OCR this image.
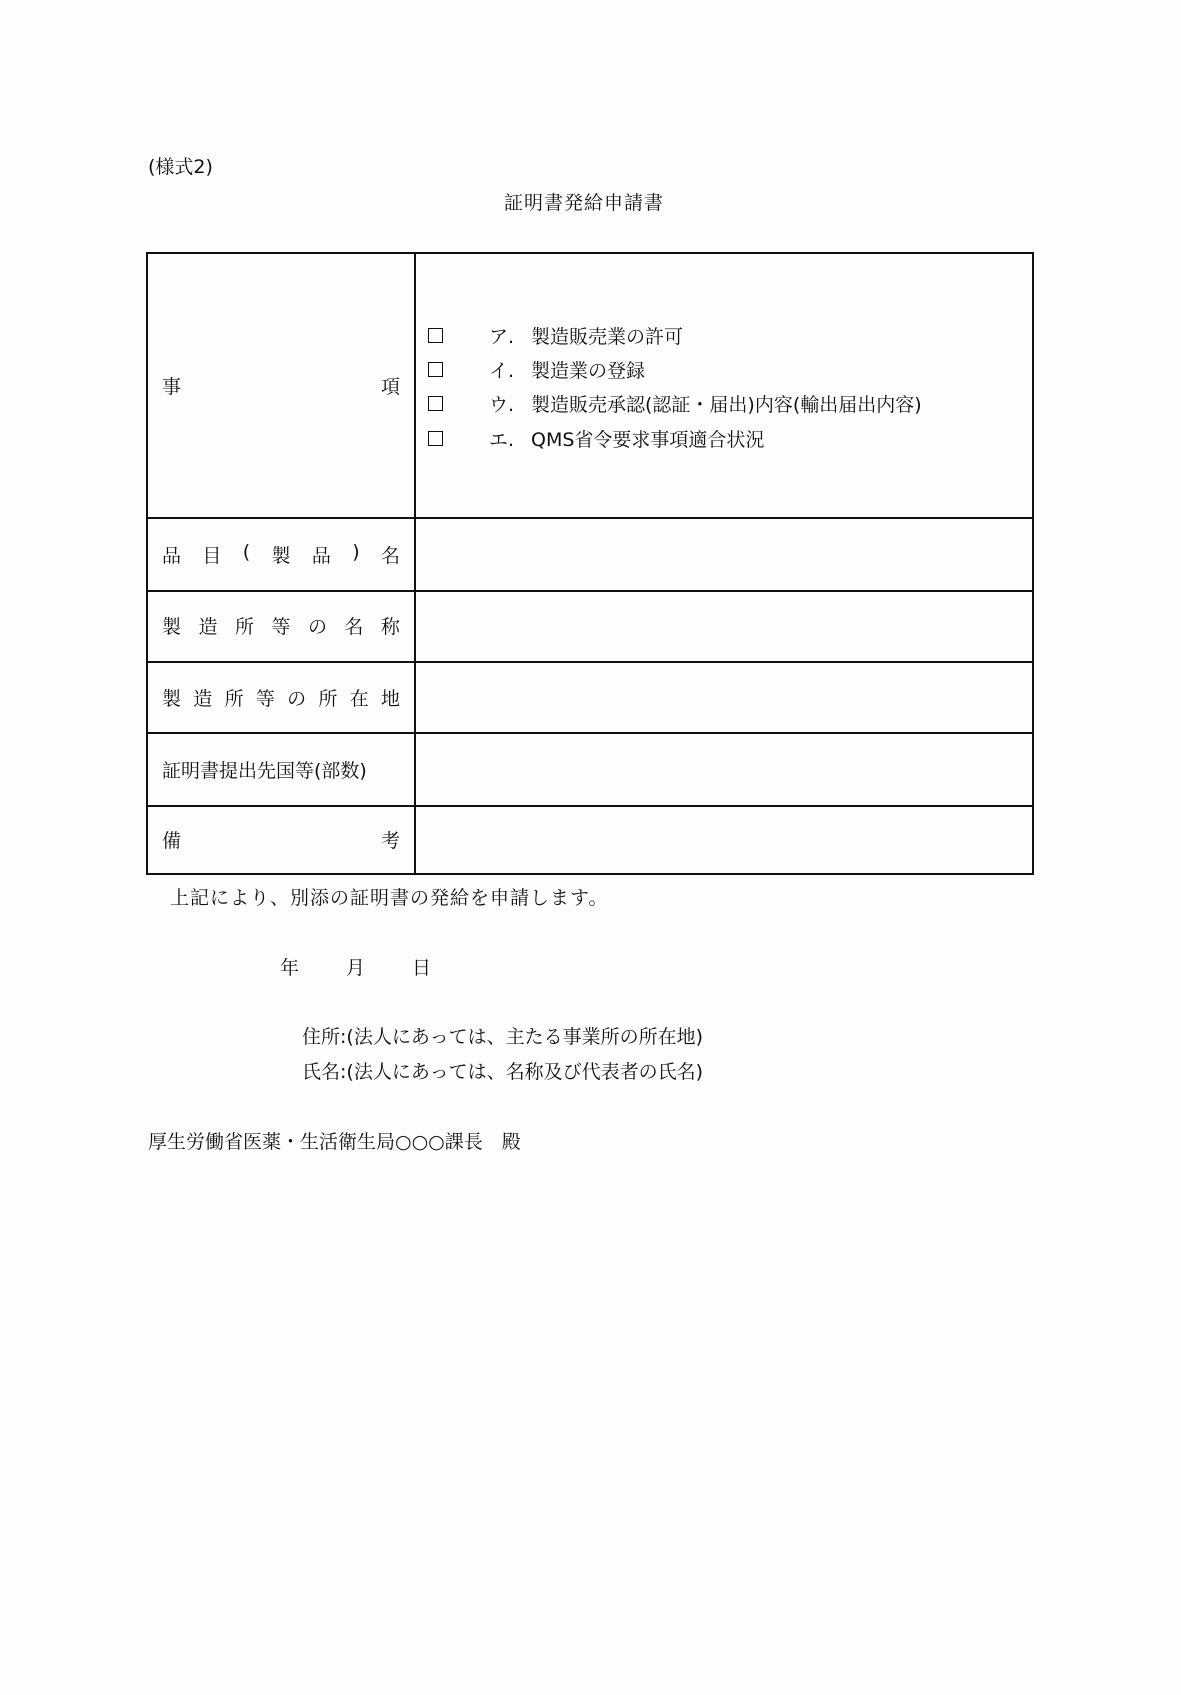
(様式2)
証明書発給申請書
事	項
ア. 製造販売業の許可
イ. 製造業の登録
ウ. 製造販売承認(認証・届出)内容(輸出届出内容)
エ. QMS省令要求事項適合状況
品 目 ( 製 品 ) 名
製 造 所 等 の 名 称
製 造 所 等 の 所 在 地
証明書提出先国等(部数)
備	考
上記により、別添の証明書の発給を申請します。
年 月 日
住所:(法人にあっては、主たる事業所の所在地)
氏名:(法人にあっては、名称及び代表者の氏名)
厚生労働省医薬・生活衛生局○○○課長　殿
